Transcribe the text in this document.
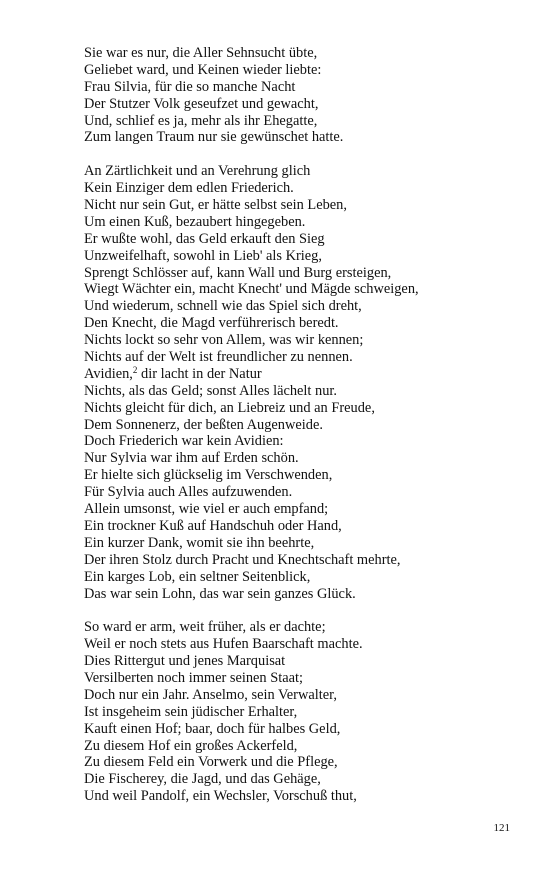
Sie war es nur, die Aller Sehnsucht übte,
Geliebet ward, und Keinen wieder liebte:
Frau Silvia, für die so manche Nacht
Der Stutzer Volk geseufzet und gewacht,
Und, schlief es ja, mehr als ihr Ehegatte,
Zum langen Traum nur sie gewünschet hatte.
An Zärtlichkeit und an Verehrung glich
Kein Einziger dem edlen Friederich.
Nicht nur sein Gut, er hätte selbst sein Leben,
Um einen Kuß, bezaubert hingegeben.
Er wußte wohl, das Geld erkauft den Sieg
Unzweifelhaft, sowohl in Lieb' als Krieg,
Sprengt Schlösser auf, kann Wall und Burg ersteigen,
Wiegt Wächter ein, macht Knecht' und Mägde schweigen,
Und wiederum, schnell wie das Spiel sich dreht,
Den Knecht, die Magd verführerisch beredt.
Nichts lockt so sehr von Allem, was wir kennen;
Nichts auf der Welt ist freundlicher zu nennen.
Avidien,$^2$ dir lacht in der Natur
Nichts, als das Geld; sonst Alles lächelt nur.
Nichts gleicht für dich, an Liebreiz und an Freude,
Dem Sonnenerz, der beßten Augenweide.
Doch Friederich war kein Avidien:
Nur Sylvia war ihm auf Erden schön.
Er hielte sich glückselig im Verschwenden,
Für Sylvia auch Alles aufzuwenden.
Allein umsonst, wie viel er auch empfand;
Ein trockner Kuß auf Handschuh oder Hand,
Ein kurzer Dank, womit sie ihn beehrte,
Der ihren Stolz durch Pracht und Knechtschaft mehrte,
Ein karges Lob, ein seltner Seitenblick,
Das war sein Lohn, das war sein ganzes Glück.
So ward er arm, weit früher, als er dachte;
Weil er noch stets aus Hufen Baarschaft machte.
Dies Rittergut und jenes Marquisat
Versilberten noch immer seinen Staat;
Doch nur ein Jahr. Anselmo, sein Verwalter,
Ist insgeheim sein jüdischer Erhalter,
Kauft einen Hof; baar, doch für halbes Geld,
Zu diesem Hof ein großes Ackerfeld,
Zu diesem Feld ein Vorwerk und die Pflege,
Die Fischerey, die Jagd, und das Gehäge,
Und weil Pandolf, ein Wechsler, Vorschuß thut,
121
